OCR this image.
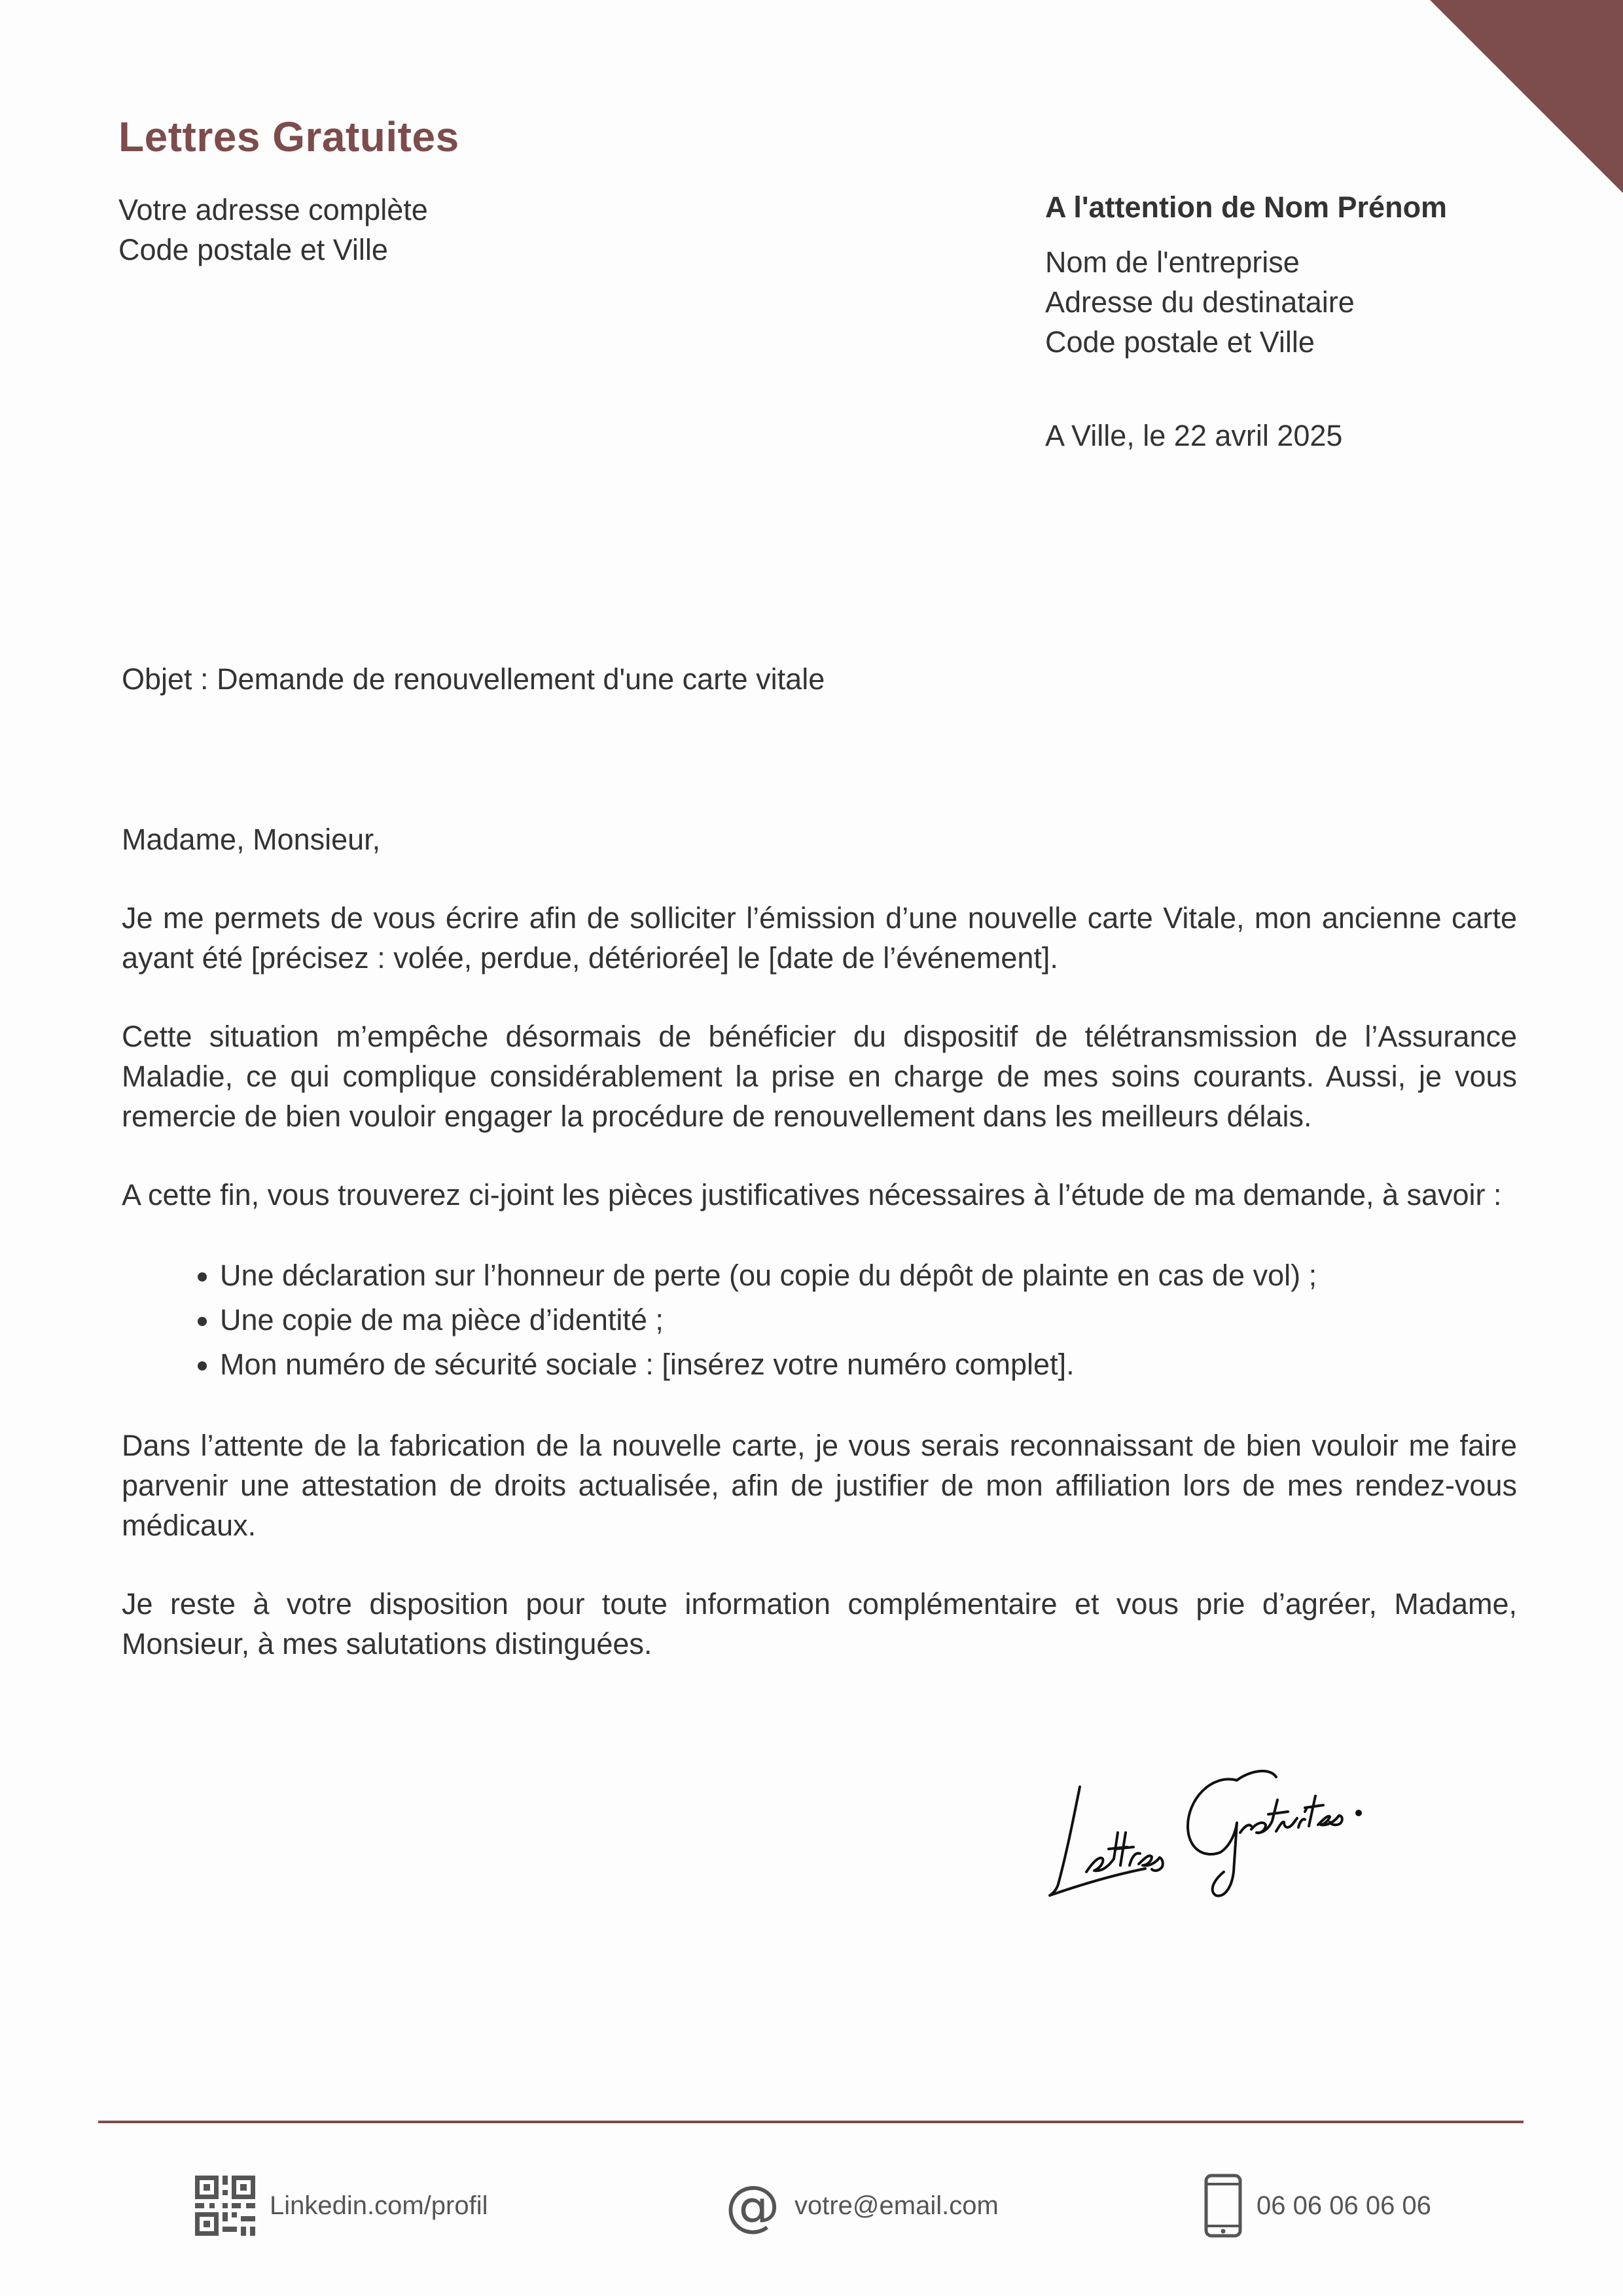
Lettres Gratuites
Votre adresse complète
Code postale et Ville
A l'attention de Nom Prénom
Nom de l'entreprise
Adresse du destinataire
Code postale et Ville
A Ville, le 22 avril 2025
Objet : Demande de renouvellement d'une carte vitale

Madame, Monsieur,

Je me permets de vous écrire afin de solliciter l’émission d’une nouvelle carte Vitale, mon ancienne carte ayant été [précisez : volée, perdue, détériorée] le [date de l’événement].

Cette situation m’empêche désormais de bénéficier du dispositif de télétransmission de l’Assurance Maladie, ce qui complique considérablement la prise en charge de mes soins courants. Aussi, je vous remercie de bien vouloir engager la procédure de renouvellement dans les meilleurs délais.

A cette fin, vous trouverez ci-joint les pièces justificatives nécessaires à l’étude de ma demande, à savoir :

• Une déclaration sur l’honneur de perte (ou copie du dépôt de plainte en cas de vol) ;
• Une copie de ma pièce d’identité ;
• Mon numéro de sécurité sociale : [insérez votre numéro complet].

Dans l’attente de la fabrication de la nouvelle carte, je vous serais reconnaissant de bien vouloir me faire parvenir une attestation de droits actualisée, afin de justifier de mon affiliation lors de mes rendez-vous médicaux.

Je reste à votre disposition pour toute information complémentaire et vous prie d’agréer, Madame, Monsieur, à mes salutations distinguées.

Linkedin.com/profil	@ votre@email.com	06 06 06 06 06
